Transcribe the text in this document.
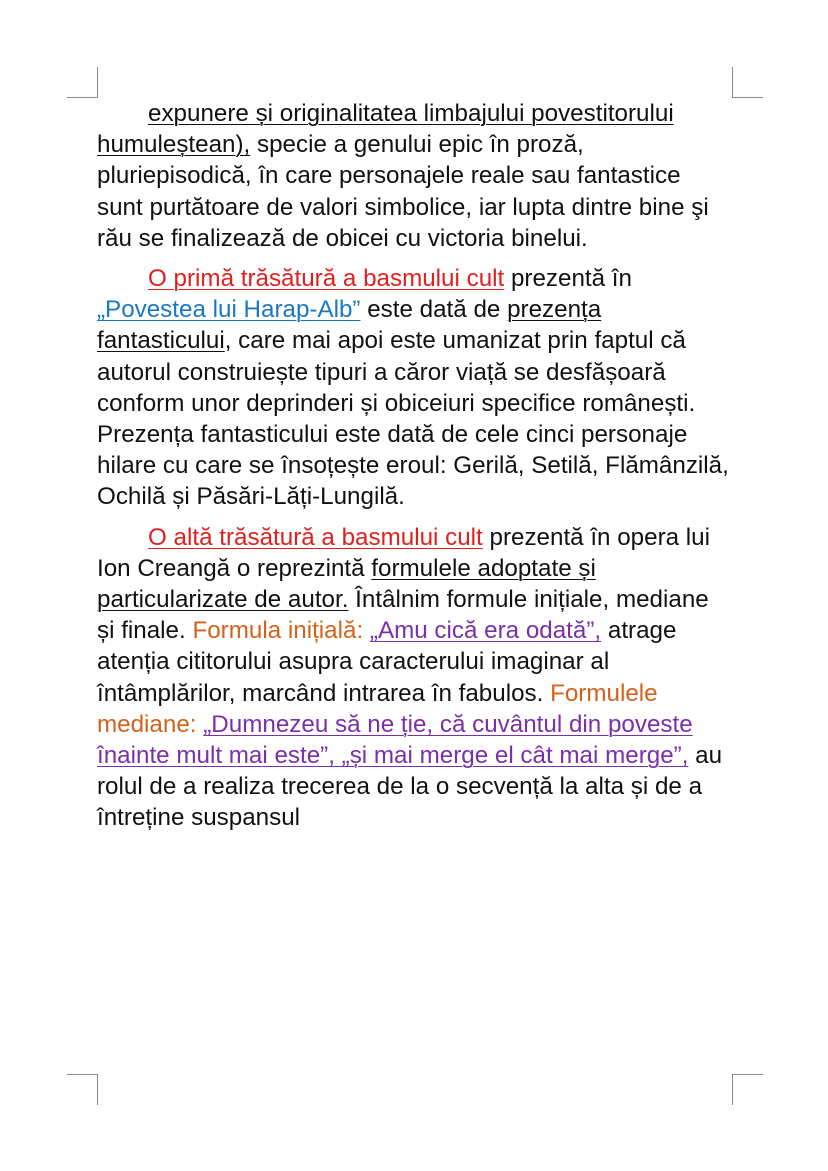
expunere și originalitatea limbajului povestitorului humuleștean), specie a genului epic în proză, pluriepisodică, în care personajele reale sau fantastice sunt purtătoare de valori simbolice, iar lupta dintre bine şi rău se finalizează de obicei cu victoria binelui.

O primă trăsătură a basmului cult prezentă în „Povestea lui Harap-Alb” este dată de prezența fantasticului, care mai apoi este umanizat prin faptul că autorul construiește tipuri a căror viață se desfășoară conform unor deprinderi și obiceiuri specifice românești. Prezența fantasticului este dată de cele cinci personaje hilare cu care se însoțește eroul: Gerilă, Setilă, Flămânzilă, Ochilă și Păsări-Lăți-Lungilă.

O altă trăsătură a basmului cult prezentă în opera lui Ion Creangă o reprezintă formulele adoptate și particularizate de autor. Întâlnim formule inițiale, mediane și finale. Formula inițială: „Amu cică era odată”, atrage atenția cititorului asupra caracterului imaginar al întâmplărilor, marcând intrarea în fabulos. Formulele mediane: „Dumnezeu să ne ție, că cuvântul din poveste înainte mult mai este”, „și mai merge el cât mai merge”, au rolul de a realiza trecerea de la o secvență la alta și de a întreține suspansul
